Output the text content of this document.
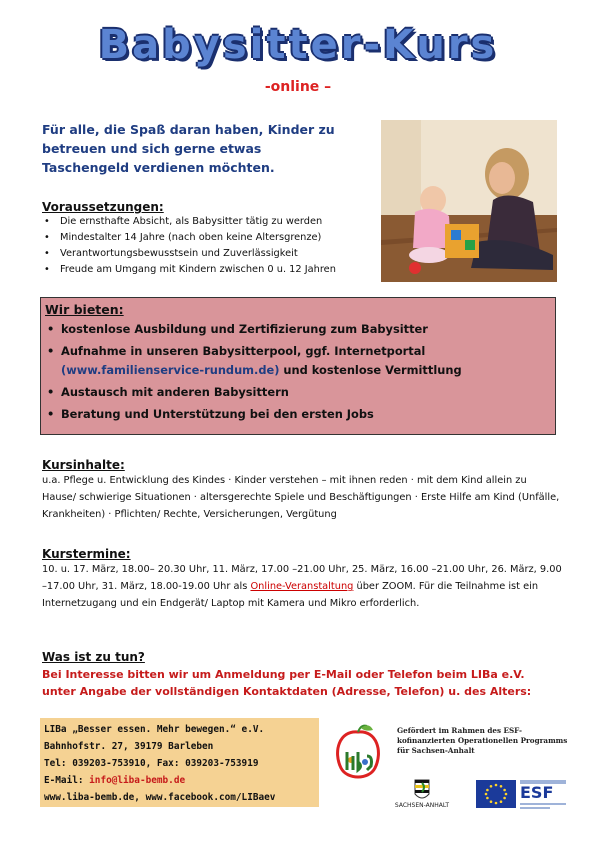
Babysitter-Kurs
-online –
Für alle, die Spaß daran haben, Kinder zu betreuen und sich gerne etwas Taschengeld verdienen möchten.
Voraussetzungen:
• Die ernsthafte Absicht, als Babysitter tätig zu werden
• Mindestalter 14 Jahre (nach oben keine Altersgrenze)
• Verantwortungsbewusstsein und Zuverlässigkeit
• Freude am Umgang mit Kindern zwischen 0 u. 12 Jahren
Wir bieten:
• kostenlose Ausbildung und Zertifizierung zum Babysitter
• Aufnahme in unseren Babysitterpool, ggf. Internetportal
(www.familienservice-rundum.de) und kostenlose Vermittlung
• Austausch mit anderen Babysittern
• Beratung und Unterstützung bei den ersten Jobs
Kursinhalte:
u.a. Pflege u. Entwicklung des Kindes · Kinder verstehen – mit ihnen reden · mit dem Kind allein zu Hause/ schwierige Situationen · altersgerechte Spiele und Beschäftigungen · Erste Hilfe am Kind (Unfälle, Krankheiten) · Pflichten/ Rechte, Versicherungen, Vergütung
Kurstermine:
10. u. 17. März, 18.00– 20.30 Uhr, 11. März, 17.00 –21.00 Uhr, 25. März, 16.00 –21.00 Uhr, 26. März, 9.00 –17.00 Uhr, 31. März, 18.00-19.00 Uhr als Online-Veranstaltung über ZOOM. Für die Teilnahme ist ein Internetzugang und ein Endgerät/ Laptop mit Kamera und Mikro erforderlich.
Was ist zu tun?
Bei Interesse bitten wir um Anmeldung per E-Mail oder Telefon beim LIBa e.V. unter Angabe der vollständigen Kontaktdaten (Adresse, Telefon) u. des Alters:
LIBa „Besser essen. Mehr bewegen.“ e.V.
Bahnhofstr. 27, 39179 Barleben
Tel: 039203-753910, Fax: 039203-753919
E-Mail: info@liba-bemb.de
www.liba-bemb.de, www.facebook.com/LIBaev
Gefördert im Rahmen des ESF-kofinanzierten Operationellen Programms für Sachsen-Anhalt
SACHSEN-ANHALT
ESF
